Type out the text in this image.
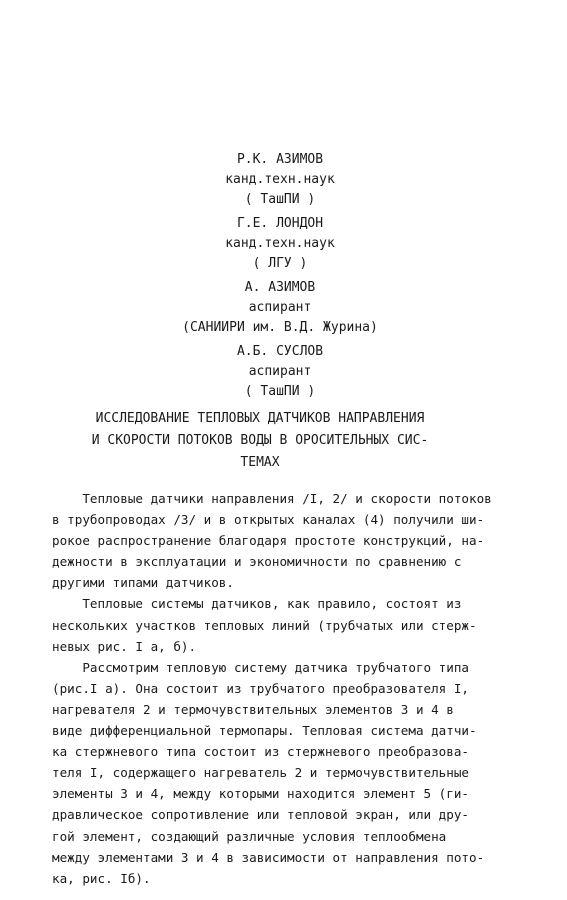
Р.К. АЗИМОВ
канд.техн.наук
( ТашПИ )
Г.Е. ЛОНДОН
канд.техн.наук
( ЛГУ )
А. АЗИМОВ
аспирант
(САНИИРИ им. В.Д. Журина)
А.Б. СУСЛОВ
аспирант
( ТашПИ )
ИССЛЕДОВАНИЕ ТЕПЛОВЫХ ДАТЧИКОВ НАПРАВЛЕНИЯ
И СКОРОСТИ ПОТОКОВ ВОДЫ В ОРОСИТЕЛЬНЫХ СИС-
ТЕМАХ
Тепловые датчики направления /I, 2/ и скорости потоков
в трубопроводах /3/ и в открытых каналах (4) получили ши-
рокое распространение благодаря простоте конструкций, на-
дежности в эксплуатации и экономичности по сравнению с
другими типами датчиков.
Тепловые системы датчиков, как правило, состоят из
нескольких участков тепловых линий (трубчатых или стерж-
невых рис. I а, б).
Рассмотрим тепловую систему датчика трубчатого типа
(рис.I а). Она состоит из трубчатого преобразователя I,
нагревателя 2 и термочувствительных элементов 3 и 4 в
виде дифференциальной термопары. Тепловая система датчи-
ка стержневого типа состоит из стержневого преобразова-
теля I, содержащего нагреватель 2 и термочувствительные
элементы 3 и 4, между которыми находится элемент 5 (ги-
дравлическое сопротивление или тепловой экран, или дру-
гой элемент, создающий различные условия теплообмена
между элементами 3 и 4 в зависимости от направления пото-
ка, рис. Iб).
